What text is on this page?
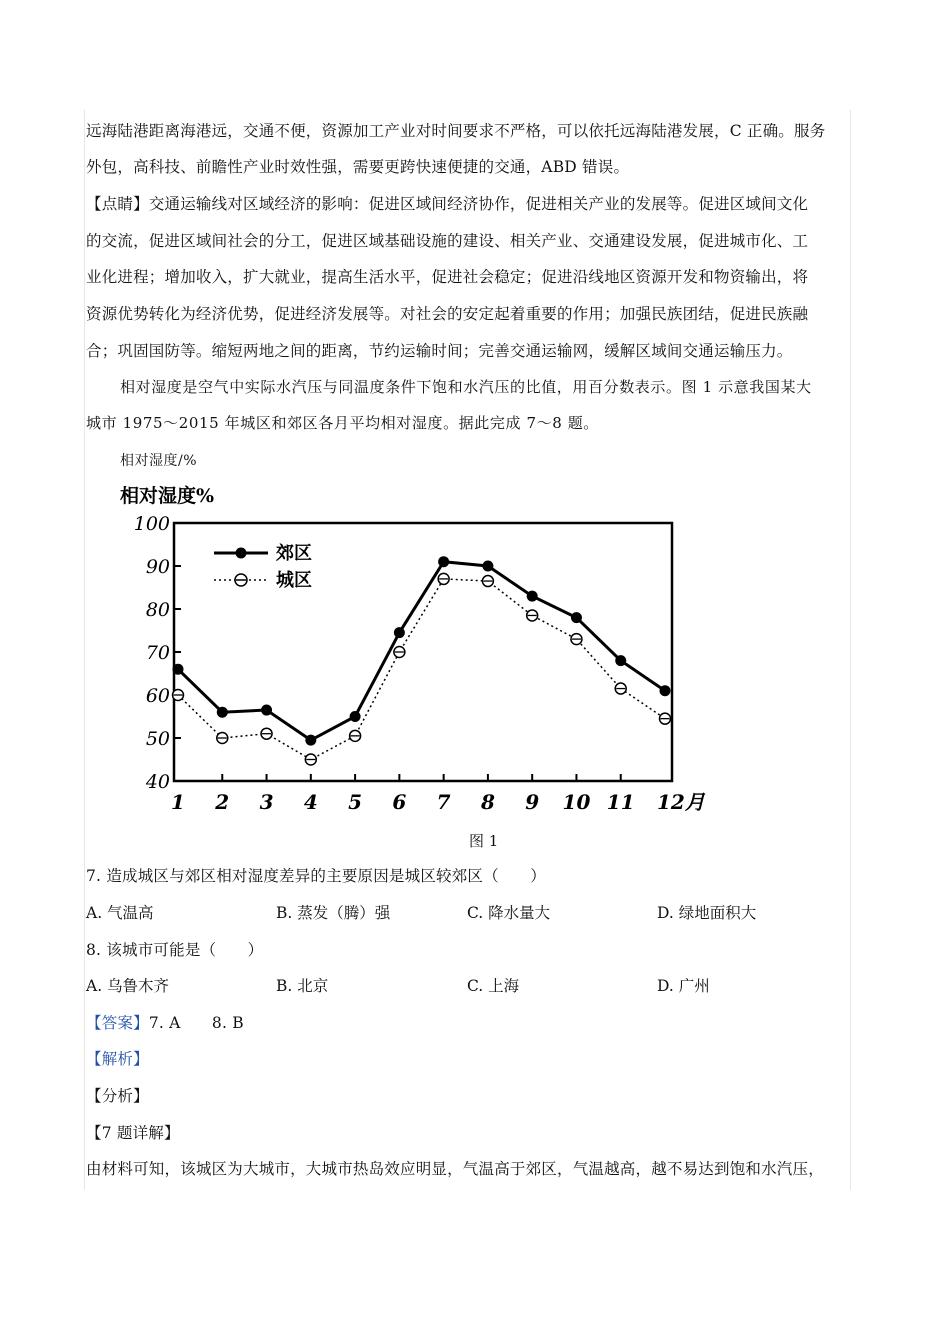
远海陆港距离海港远，交通不便，资源加工产业对时间要求不严格，可以依托远海陆港发展，C 正确。服务
外包，高科技、前瞻性产业时效性强，需要更跨快速便捷的交通，ABD 错误。
【点睛】交通运输线对区域经济的影响：促进区域间经济协作，促进相关产业的发展等。促进区域间文化
的交流，促进区域间社会的分工，促进区域基础设施的建设、相关产业、交通建设发展，促进城市化、工
业化进程；增加收入，扩大就业，提高生活水平，促进社会稳定；促进沿线地区资源开发和物资输出，将
资源优势转化为经济优势，促进经济发展等。对社会的安定起着重要的作用；加强民族团结，促进民族融
合；巩固国防等。缩短两地之间的距离，节约运输时间；完善交通运输网，缓解区域间交通运输压力。
相对湿度是空气中实际水汽压与同温度条件下饱和水汽压的比值，用百分数表示。图 1 示意我国某大
城市 1975～2015 年城区和郊区各月平均相对湿度。据此完成 7～8 题。
相对湿度/%
相对湿度%
40
50
60
70
80
90
100
1 2 3 4 5 6 7 8 9 10 11 12月
郊区
城区
图 1
7. 造成城区与郊区相对湿度差异的主要原因是城区较郊区（　　）
A. 气温高	B. 蒸发（腾）强	C. 降水量大	D. 绿地面积大
8. 该城市可能是（　　）
A. 乌鲁木齐	B. 北京	C. 上海	D. 广州
【答案】7. A　　8. B
【解析】
【分析】
【7 题详解】
由材料可知，该城区为大城市，大城市热岛效应明显，气温高于郊区，气温越高，越不易达到饱和水汽压，
